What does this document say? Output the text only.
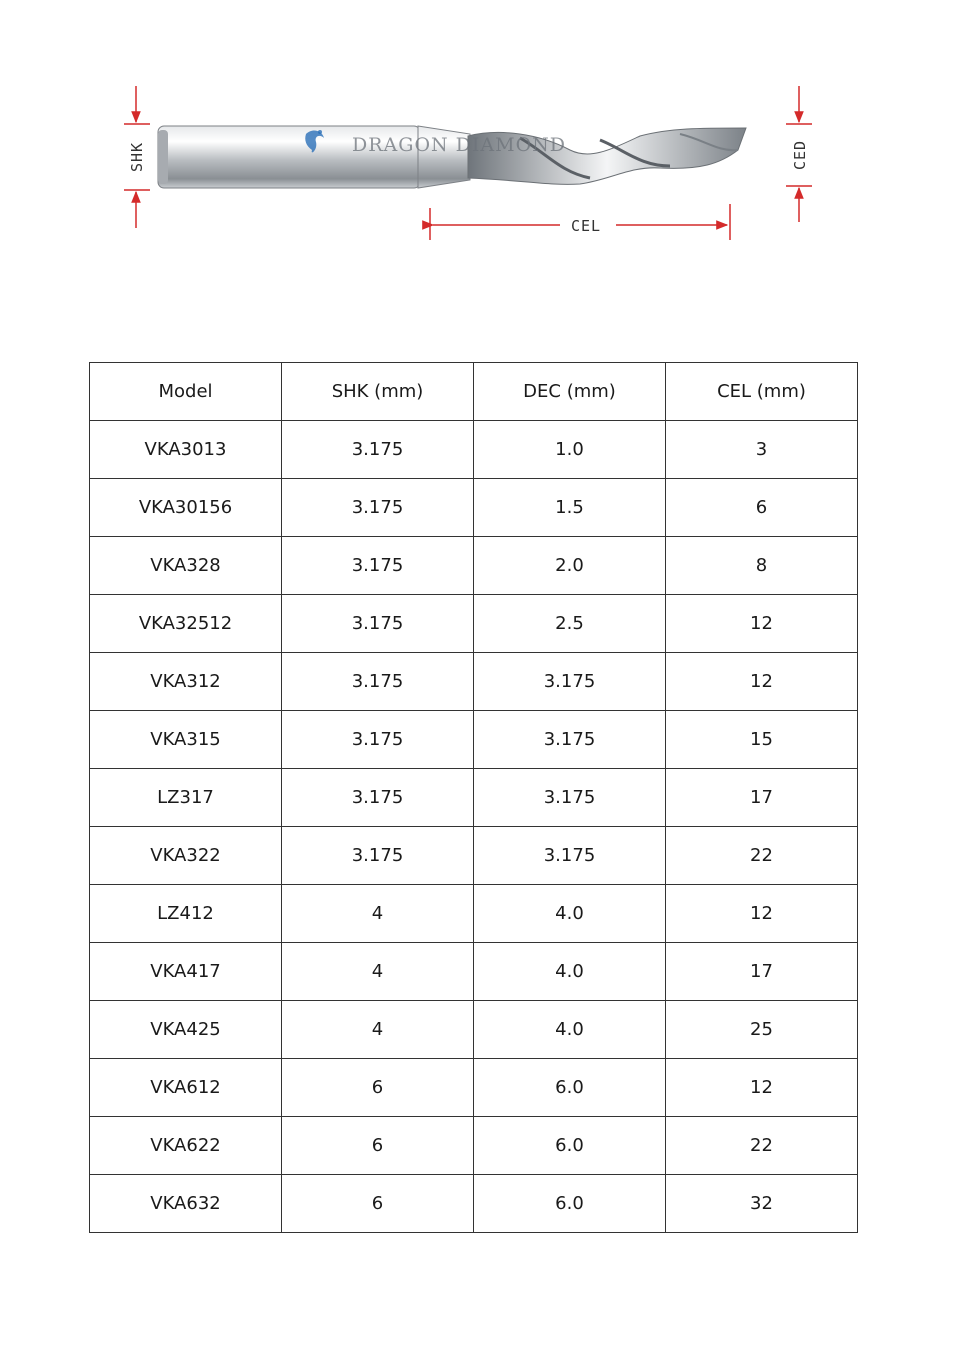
DRAGON DIAMOND
SHK
CEL
CED
Model	SHK (mm)	DEC (mm)	CEL (mm)
VKA3013	3.175	1.0	3
VKA30156	3.175	1.5	6
VKA328	3.175	2.0	8
VKA32512	3.175	2.5	12
VKA312	3.175	3.175	12
VKA315	3.175	3.175	15
LZ317	3.175	3.175	17
VKA322	3.175	3.175	22
LZ412	4	4.0	12
VKA417	4	4.0	17
VKA425	4	4.0	25
VKA612	6	6.0	12
VKA622	6	6.0	22
VKA632	6	6.0	32
